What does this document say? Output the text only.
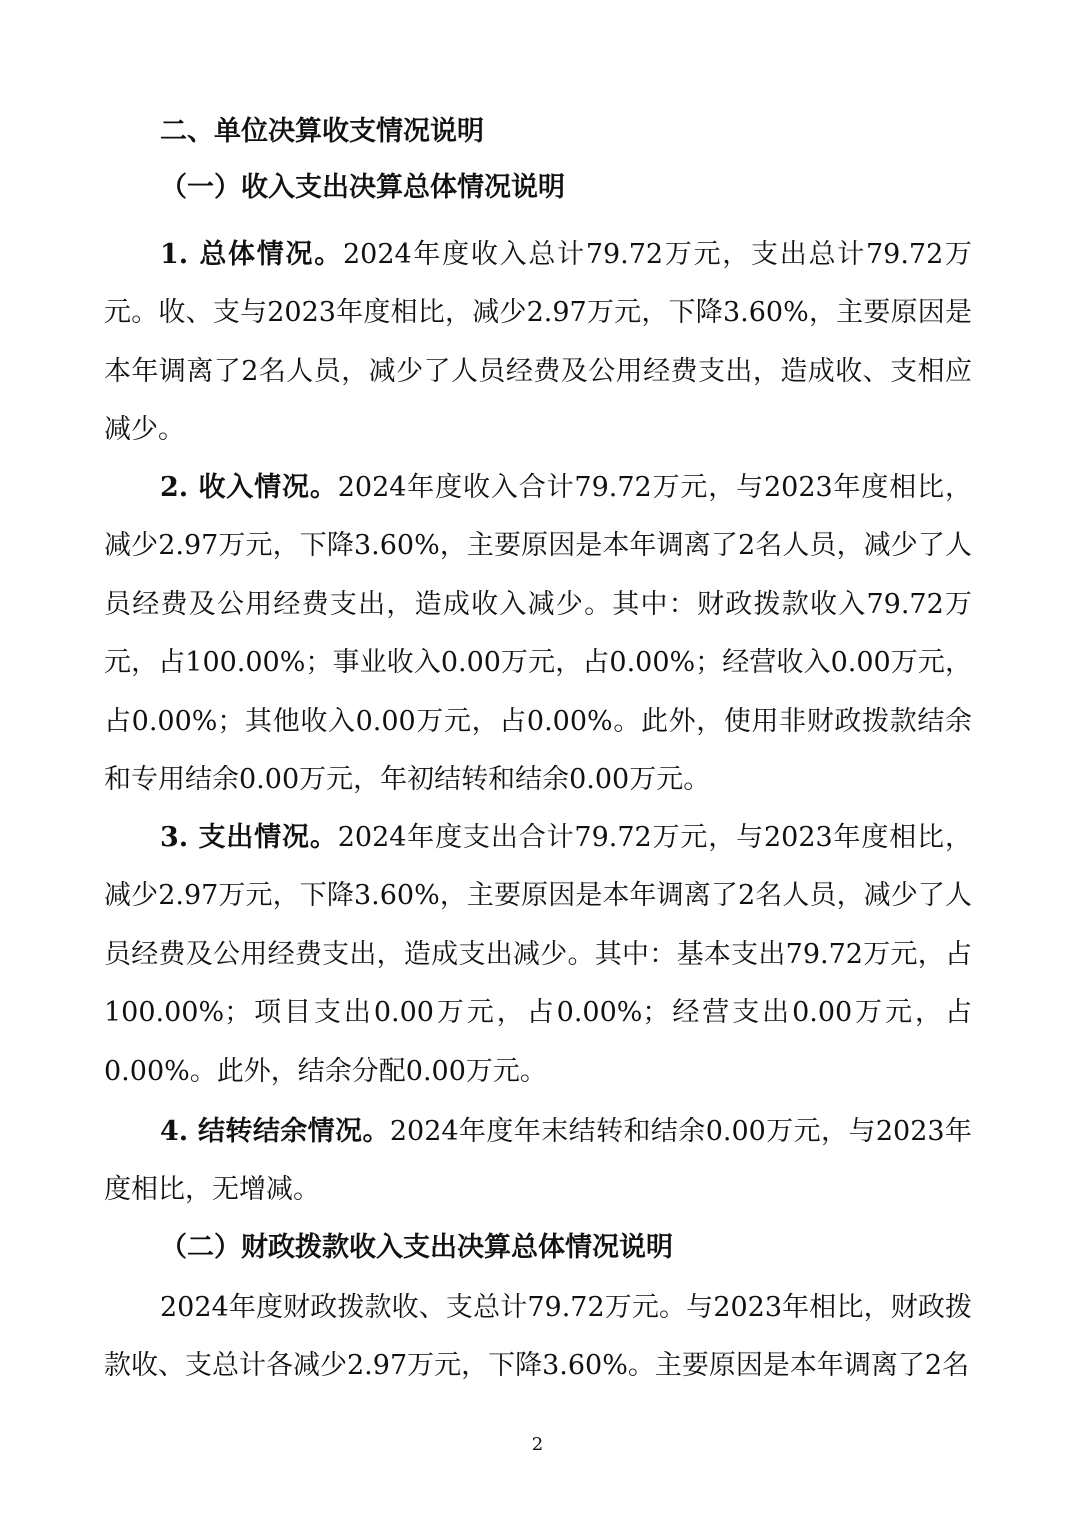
二、单位决算收支情况说明
（一）收入支出决算总体情况说明

1. 总体情况。2024年度收入总计79.72万元，支出总计79.72万元。收、支与2023年度相比，减少2.97万元，下降3.60%，主要原因是本年调离了2名人员，减少了人员经费及公用经费支出，造成收、支相应减少。

2. 收入情况。2024年度收入合计79.72万元，与2023年度相比，减少2.97万元，下降3.60%，主要原因是本年调离了2名人员，减少了人员经费及公用经费支出，造成收入减少。其中：财政拨款收入79.72万元，占100.00%；事业收入0.00万元，占0.00%；经营收入0.00万元，占0.00%；其他收入0.00万元，占0.00%。此外，使用非财政拨款结余和专用结余0.00万元，年初结转和结余0.00万元。

3. 支出情况。2024年度支出合计79.72万元，与2023年度相比，减少2.97万元，下降3.60%，主要原因是本年调离了2名人员，减少了人员经费及公用经费支出，造成支出减少。其中：基本支出79.72万元，占100.00%；项目支出0.00万元，占0.00%；经营支出0.00万元，占0.00%。此外，结余分配0.00万元。

4. 结转结余情况。2024年度年末结转和结余0.00万元，与2023年度相比，无增减。

（二）财政拨款收入支出决算总体情况说明

2024年度财政拨款收、支总计79.72万元。与2023年相比，财政拨款收、支总计各减少2.97万元，下降3.60%。主要原因是本年调离了2名

2
